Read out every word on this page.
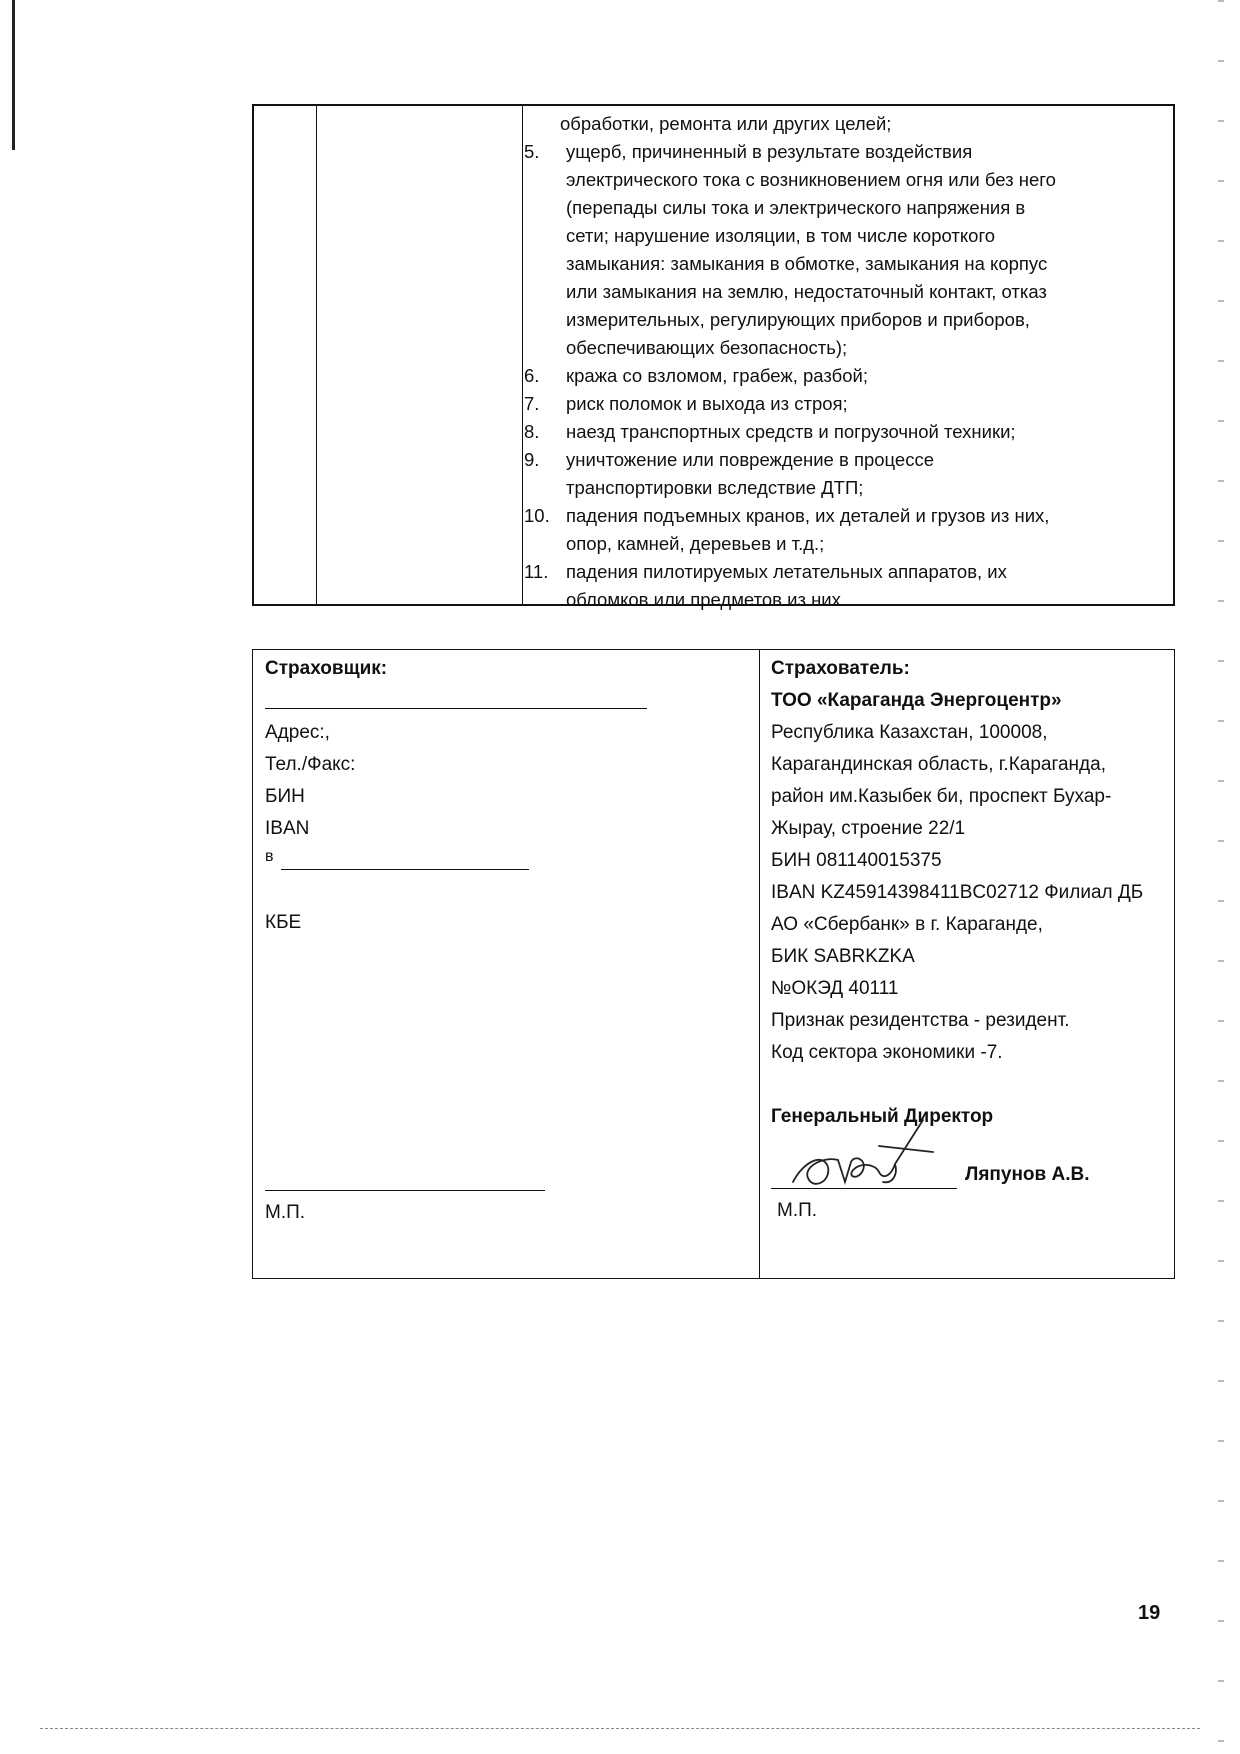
обработки, ремонта или других целей;
5.	ущерб, причиненный в результате воздействия
электрического тока с возникновением огня или без него
(перепады силы тока и электрического напряжения в
сети; нарушение изоляции, в том числе короткого
замыкания: замыкания в обмотке, замыкания на корпус
или замыкания на землю, недостаточный контакт, отказ
измерительных, регулирующих приборов и приборов,
обеспечивающих безопасность);
6.	кража со взломом, грабеж, разбой;
7.	риск поломок и выхода из строя;
8.	наезд транспортных средств и погрузочной техники;
9.	уничтожение или повреждение в процессе
транспортировки вследствие ДТП;
10. падения подъемных кранов, их деталей и грузов из них,
опор, камней, деревьев и т.д.;
11. падения пилотируемых летательных аппаратов, их
обломков или предметов из них.
Страховщик:
Адрес:,
Тел./Факс:
БИН
IBAN
в
КБЕ
М.П.
Страхователь:
ТОО «Караганда Энергоцентр»
Республика Казахстан, 100008,
Карагандинская область, г.Караганда,
район им.Казыбек би, проспект Бухар-
Жырау, строение 22/1
БИН 081140015375
IBAN KZ45914398411BC02712 Филиал ДБ
АО «Сбербанк» в г. Караганде,
БИК SABRKZKA
№ОКЭД 40111
Признак резидентства - резидент.
Код сектора экономики -7.
Генеральный Директор
Ляпунов А.В.
М.П.
19
